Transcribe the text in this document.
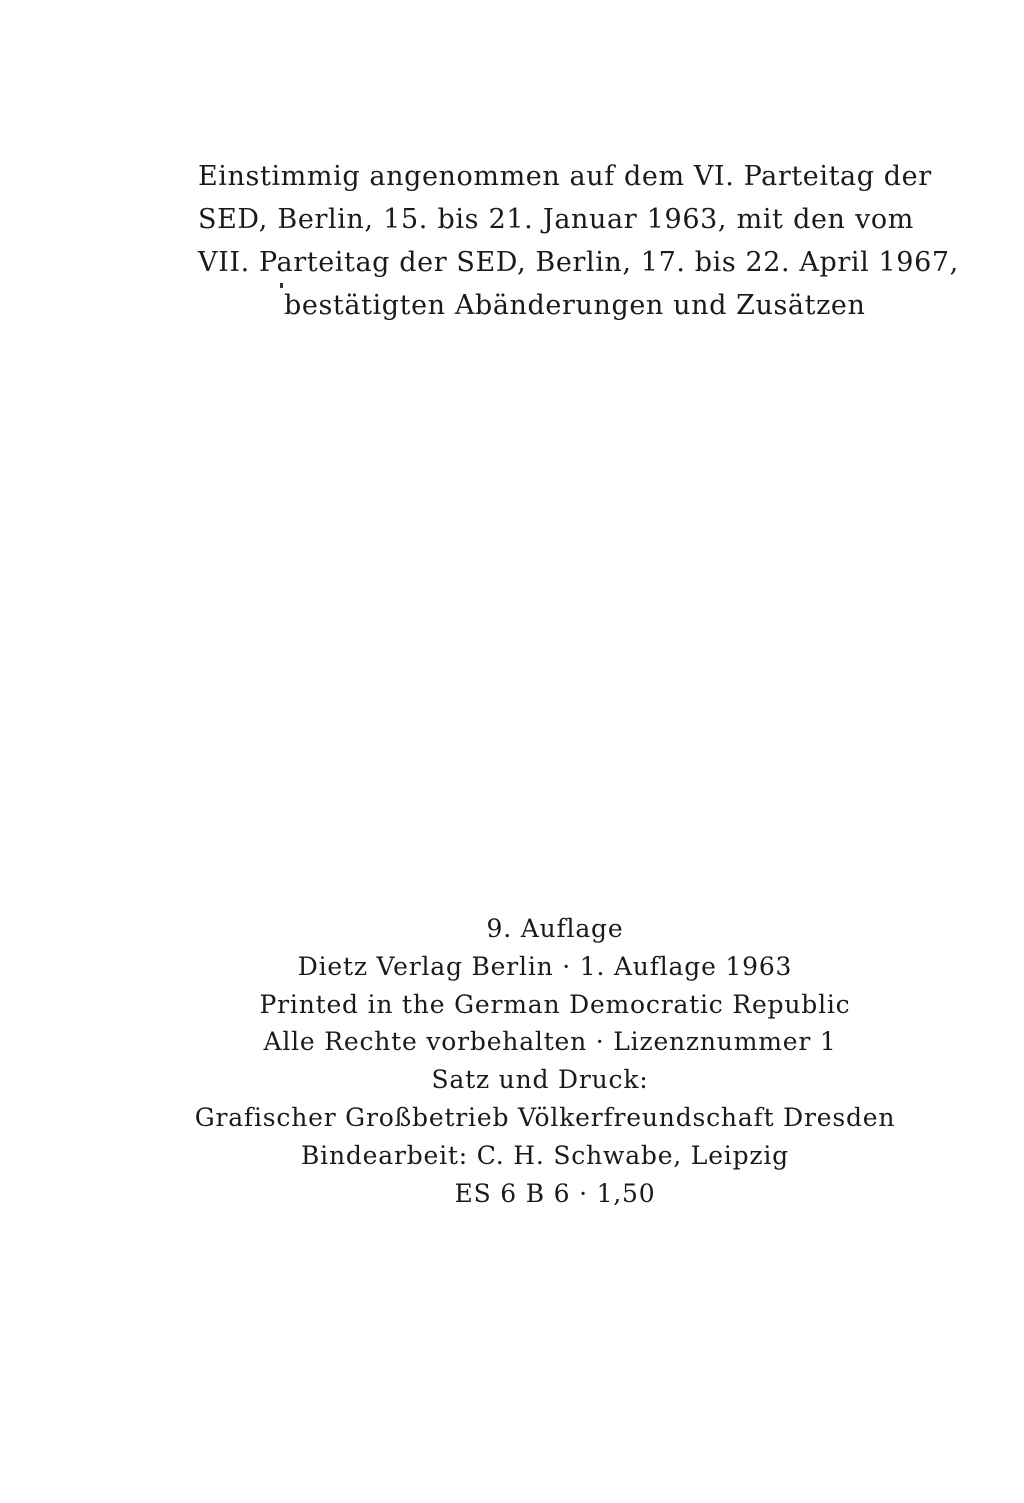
Einstimmig angenommen auf dem VI. Parteitag der
SED, Berlin, 15. bis 21. Januar 1963, mit den vom
VII. Parteitag der SED, Berlin, 17. bis 22. April 1967,
bestätigten Abänderungen und Zusätzen
9. Auflage
Dietz Verlag Berlin · 1. Auflage 1963
Printed in the German Democratic Republic
Alle Rechte vorbehalten · Lizenznummer 1
Satz und Druck:
Grafischer Großbetrieb Völkerfreundschaft Dresden
Bindearbeit: C. H. Schwabe, Leipzig
ES 6 B 6 · 1,50
